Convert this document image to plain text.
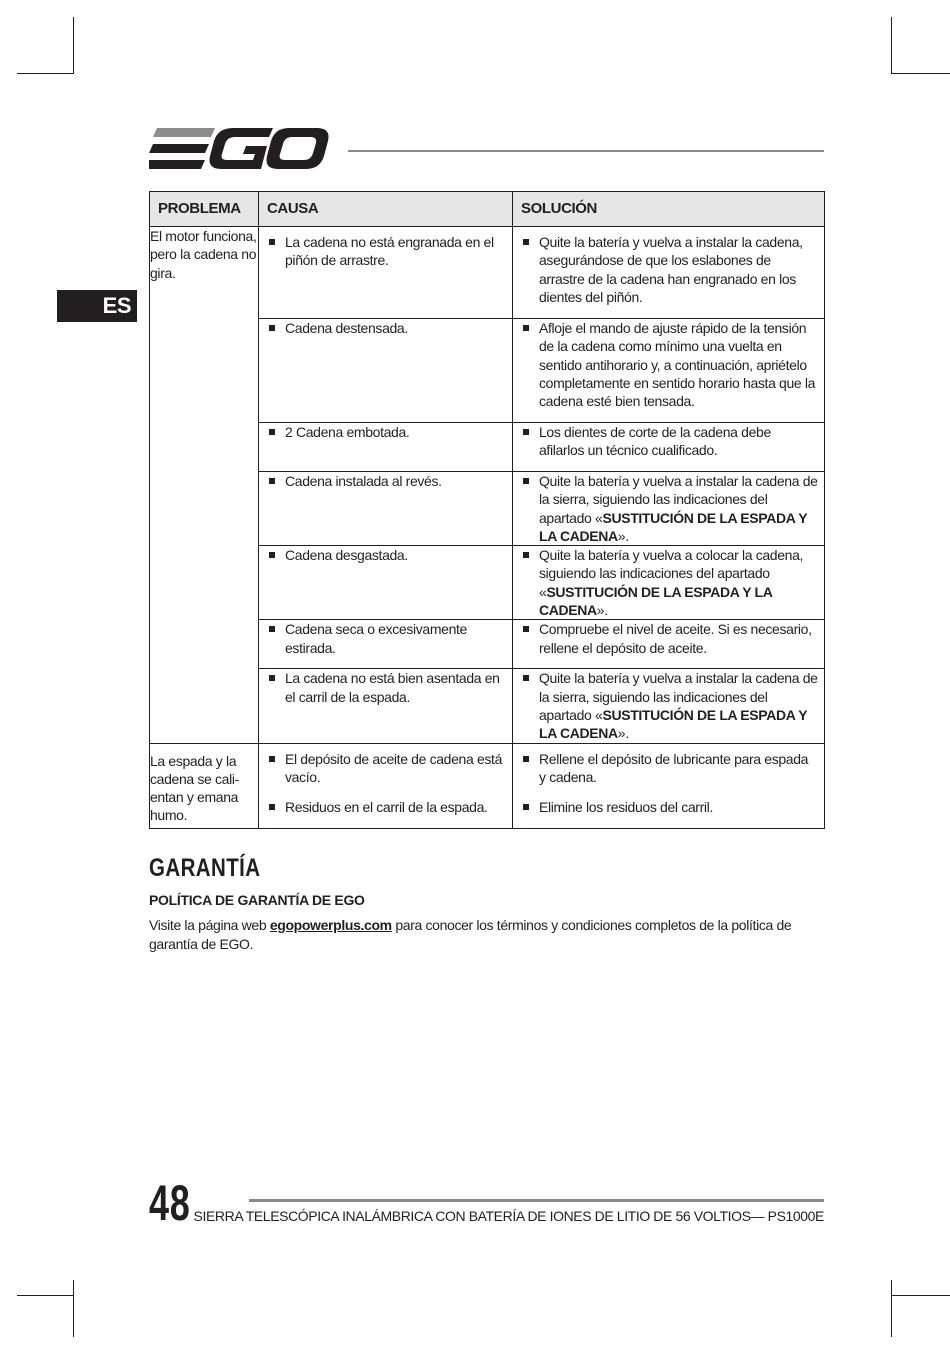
ES
PROBLEMA	CAUSA	SOLUCIÓN
El motor funciona, pero la cadena no gira.	La cadena no está engranada en el piñón de arrastre.	Quite la batería y vuelva a instalar la cadena, asegurándose de que los eslabones de arrastre de la cadena han engranado en los dientes del piñón.

Cadena destensada.	Afloje el mando de ajuste rápido de la tensión de la cadena como mínimo una vuelta en sentido antihorario y, a continuación, apriételo completamente en sentido horario hasta que la cadena esté bien tensada.

2 Cadena embotada.	Los dientes de corte de la cadena debe afilarlos un técnico cualificado.

Cadena instalada al revés.	Quite la batería y vuelva a instalar la cadena de la sierra, siguiendo las indicaciones del apartado «SUSTITUCIÓN DE LA ESPADA Y LA CADENA».

Cadena desgastada.	Quite la batería y vuelva a colocar la cadena, siguiendo las indicaciones del apartado «SUSTITUCIÓN DE LA ESPADA Y LA CADENA».

Cadena seca o excesivamente estirada.	Compruebe el nivel de aceite. Si es necesario, rellene el depósito de aceite.

La cadena no está bien asentada en el carril de la espada.	Quite la batería y vuelva a instalar la cadena de la sierra, siguiendo las indicaciones del apartado «SUSTITUCIÓN DE LA ESPADA Y LA CADENA».

La espada y la cadena se cali-entan y emana humo.	El depósito de aceite de cadena está vacío.	Rellene el depósito de lubricante para espada y cadena.

Residuos en el carril de la espada.	Elimine los residuos del carril.
GARANTÍA
POLÍTICA DE GARANTÍA DE EGO
Visite la página web egopowerplus.com para conocer los términos y condiciones completos de la política de garantía de EGO.
48 SIERRA TELESCÓPICA INALÁMBRICA CON BATERÍA DE IONES DE LITIO DE 56 VOLTIOS— PS1000E
